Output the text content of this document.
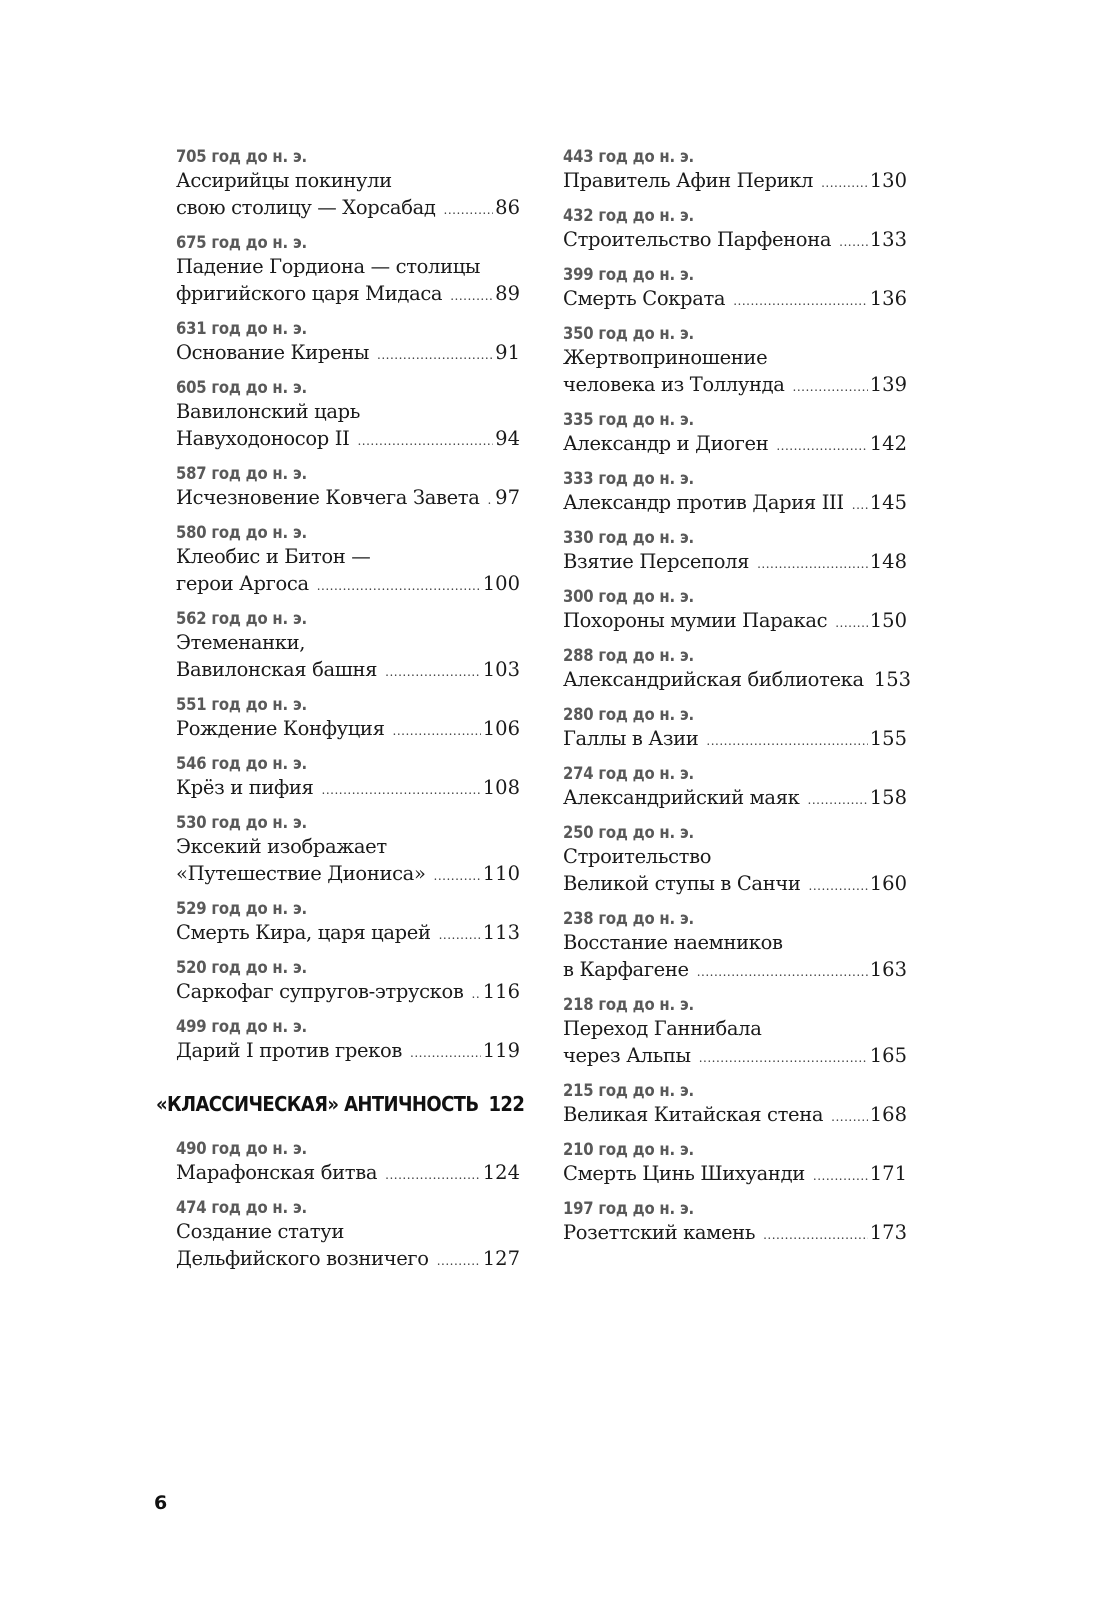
705 год до н. э.
Ассирийцы покинули
свою столицу — Хорсабад .....	86
675 год до н. э.
Падение Гордиона — столицы
фригийского царя Мидаса .....	89
631 год до н. э.
Основание Кирены .....	91
605 год до н. э.
Вавилонский царь
Навуходоносор II .....	94
587 год до н. э.
Исчезновение Ковчега Завета ..... 97
580 год до н. э.
Клеобис и Битон —
герои Аргоса .....	100
562 год до н. э.
Этеменанки,
Вавилонская башня .....	103
551 год до н. э.
Рождение Конфуция .....	106
546 год до н. э.
Крёз и пифия .....	108
530 год до н. э.
Эксекий изображает
«Путешествие Диониса» .....	110
529 год до н. э.
Смерть Кира, царя царей .....	113
520 год до н. э.
Саркофаг супругов-этрусков ..... 116
499 год до н. э.
Дарий I против греков .....	119
«КЛАССИЧЕСКАЯ» АНТИЧНОСТЬ 122
490 год до н. э.
Марафонская битва .....	124
474 год до н. э.
Создание статуи
Дельфийского возничего .....	127
443 год до н. э.
Правитель Афин Перикл .....	130
432 год до н. э.
Строительство Парфенона ..... 133
399 год до н. э.
Смерть Сократа .....	136
350 год до н. э.
Жертвоприношение
человека из Толлунда .....	139
335 год до н. э.
Александр и Диоген .....	142
333 год до н. э.
Александр против Дария III ..... 145
330 год до н. э.
Взятие Персеполя .....	148
300 год до н. э.
Похороны мумии Паракас ..... 150
288 год до н. э.
Александрийская библиотека 153
280 год до н. э.
Галлы в Азии .....	155
274 год до н. э.
Александрийский маяк .....	158
250 год до н. э.
Строительство
Великой ступы в Санчи .....	160
238 год до н. э.
Восстание наемников
в Карфагене .....	163
218 год до н. э.
Переход Ганнибала
через Альпы .....	165
215 год до н. э.
Великая Китайская стена ..... 168
210 год до н. э.
Смерть Цинь Шихуанди .....	171
197 год до н. э.
Розеттский камень .....	173
6
